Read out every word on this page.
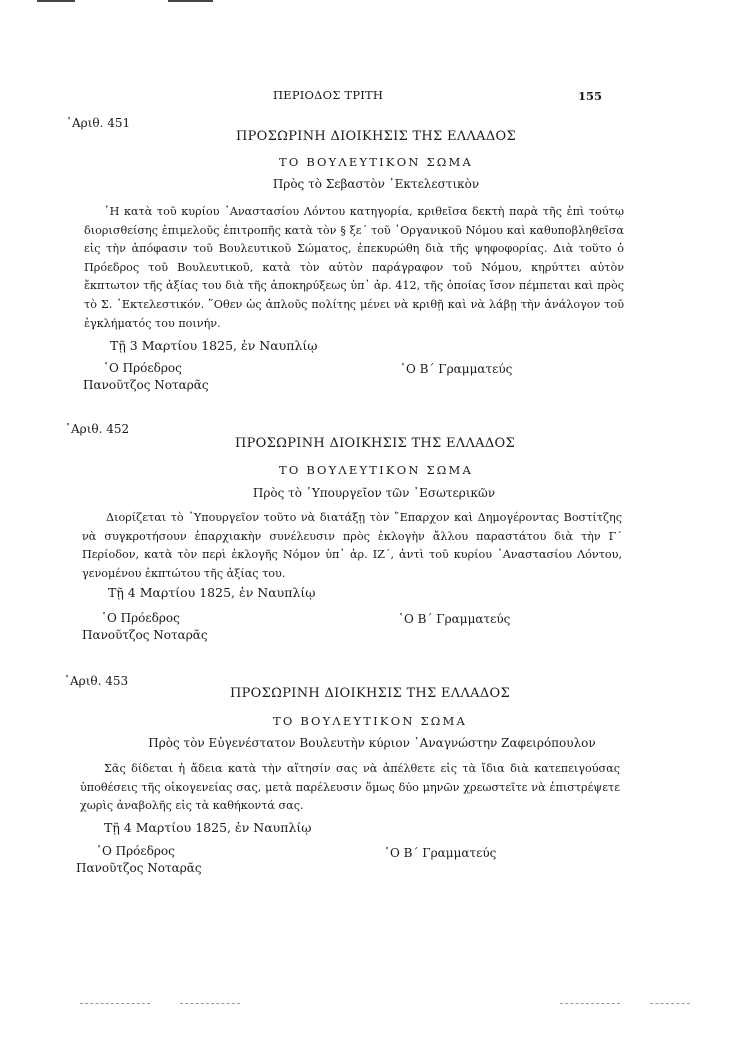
ΠΕΡΙΟΔΟΣ ΤΡΙΤΗ	155
᾿Αριθ. 451
ΠΡΟΣΩΡΙΝΗ ΔΙΟΙΚΗΣΙΣ ΤΗΣ ΕΛΛΑΔΟΣ
ΤΟ ΒΟΥΛΕΥΤΙΚΟΝ ΣΩΜΑ
Πρὸς τὸ Σεβαστὸν ᾿Εκτελεστικὸν
῾Η κατὰ τοῦ κυρίου ᾿Αναστασίου Λόντου κατηγορία, κριθεῖσα δεκτὴ παρὰ τῆς ἐπὶ τούτῳ διορισθείσης ἐπιμελοῦς ἐπιτροπῆς κατὰ τὸν § ξε΄ τοῦ ᾿Οργανικοῦ Νόμου καὶ καθυποβληθεῖσα εἰς τὴν ἀπόφασιν τοῦ Βουλευτικοῦ Σώματος, ἐπεκυρώθη διὰ τῆς ψηφοφορίας. Διὰ τοῦτο ὁ Πρόεδρος τοῦ Βουλευτικοῦ, κατὰ τὸν αὐτὸν παράγραφον τοῦ Νόμου, κηρύττει αὐτὸν ἔκπτωτον τῆς ἀξίας του διὰ τῆς ἀποκηρύξεως ὑπ᾿ ἀρ. 412, τῆς ὁποίας ἴσον πέμπεται καὶ πρὸς τὸ Σ. ᾿Εκτελεστικόν. ῞Οθεν ὡς ἁπλοῦς πολίτης μένει νὰ κριθῇ καὶ νὰ λάβῃ τὴν ἀνάλογον τοῦ ἐγκλήματός του ποινήν.
Τῇ 3 Μαρτίου 1825, ἐν Ναυπλίῳ
῾Ο Πρόεδρος
Πανοῦτζος Νοταρᾶς
῾Ο Β΄ Γραμματεύς
᾿Αριθ. 452
ΠΡΟΣΩΡΙΝΗ ΔΙΟΙΚΗΣΙΣ ΤΗΣ ΕΛΛΑΔΟΣ
ΤΟ ΒΟΥΛΕΥΤΙΚΟΝ ΣΩΜΑ
Πρὸς τὸ ῾Υπουργεῖον τῶν ᾿Εσωτερικῶν
Διορίζεται τὸ ῾Υπουργεῖον τοῦτο νὰ διατάξῃ τὸν ῎Επαρχον καὶ Δημογέροντας Βοστίτζης νὰ συγκροτήσουν ἐπαρχιακὴν συνέλευσιν πρὸς ἐκλογὴν ἄλλου παραστάτου διὰ τὴν Γ΄ Περίοδον, κατὰ τὸν περὶ ἐκλογῆς Νόμον ὑπ᾿ ἀρ. ΙΖ΄, ἀντὶ τοῦ κυρίου ᾿Αναστασίου Λόντου, γενομένου ἐκπτώτου τῆς ἀξίας του.
Τῇ 4 Μαρτίου 1825, ἐν Ναυπλίῳ
῾Ο Πρόεδρος
Πανοῦτζος Νοταρᾶς
῾Ο Β΄ Γραμματεύς
᾿Αριθ. 453
ΠΡΟΣΩΡΙΝΗ ΔΙΟΙΚΗΣΙΣ ΤΗΣ ΕΛΛΑΔΟΣ
ΤΟ ΒΟΥΛΕΥΤΙΚΟΝ ΣΩΜΑ
Πρὸς τὸν Εὐγενέστατον Βουλευτὴν κύριον ᾿Αναγνώστην Ζαφειρόπουλον
Σᾶς δίδεται ἡ ἄδεια κατὰ τὴν αἴτησίν σας νὰ ἀπέλθετε εἰς τὰ ἴδια διὰ κατεπειγούσας ὑποθέσεις τῆς οἰκογενείας σας, μετὰ παρέλευσιν ὅμως δύο μηνῶν χρεωστεῖτε νὰ ἐπιστρέψετε χωρὶς ἀναβολῆς εἰς τὰ καθήκοντά σας.
Τῇ 4 Μαρτίου 1825, ἐν Ναυπλίῳ
῾Ο Πρόεδρος
Πανοῦτζος Νοταρᾶς
῾Ο Β΄ Γραμματεύς
